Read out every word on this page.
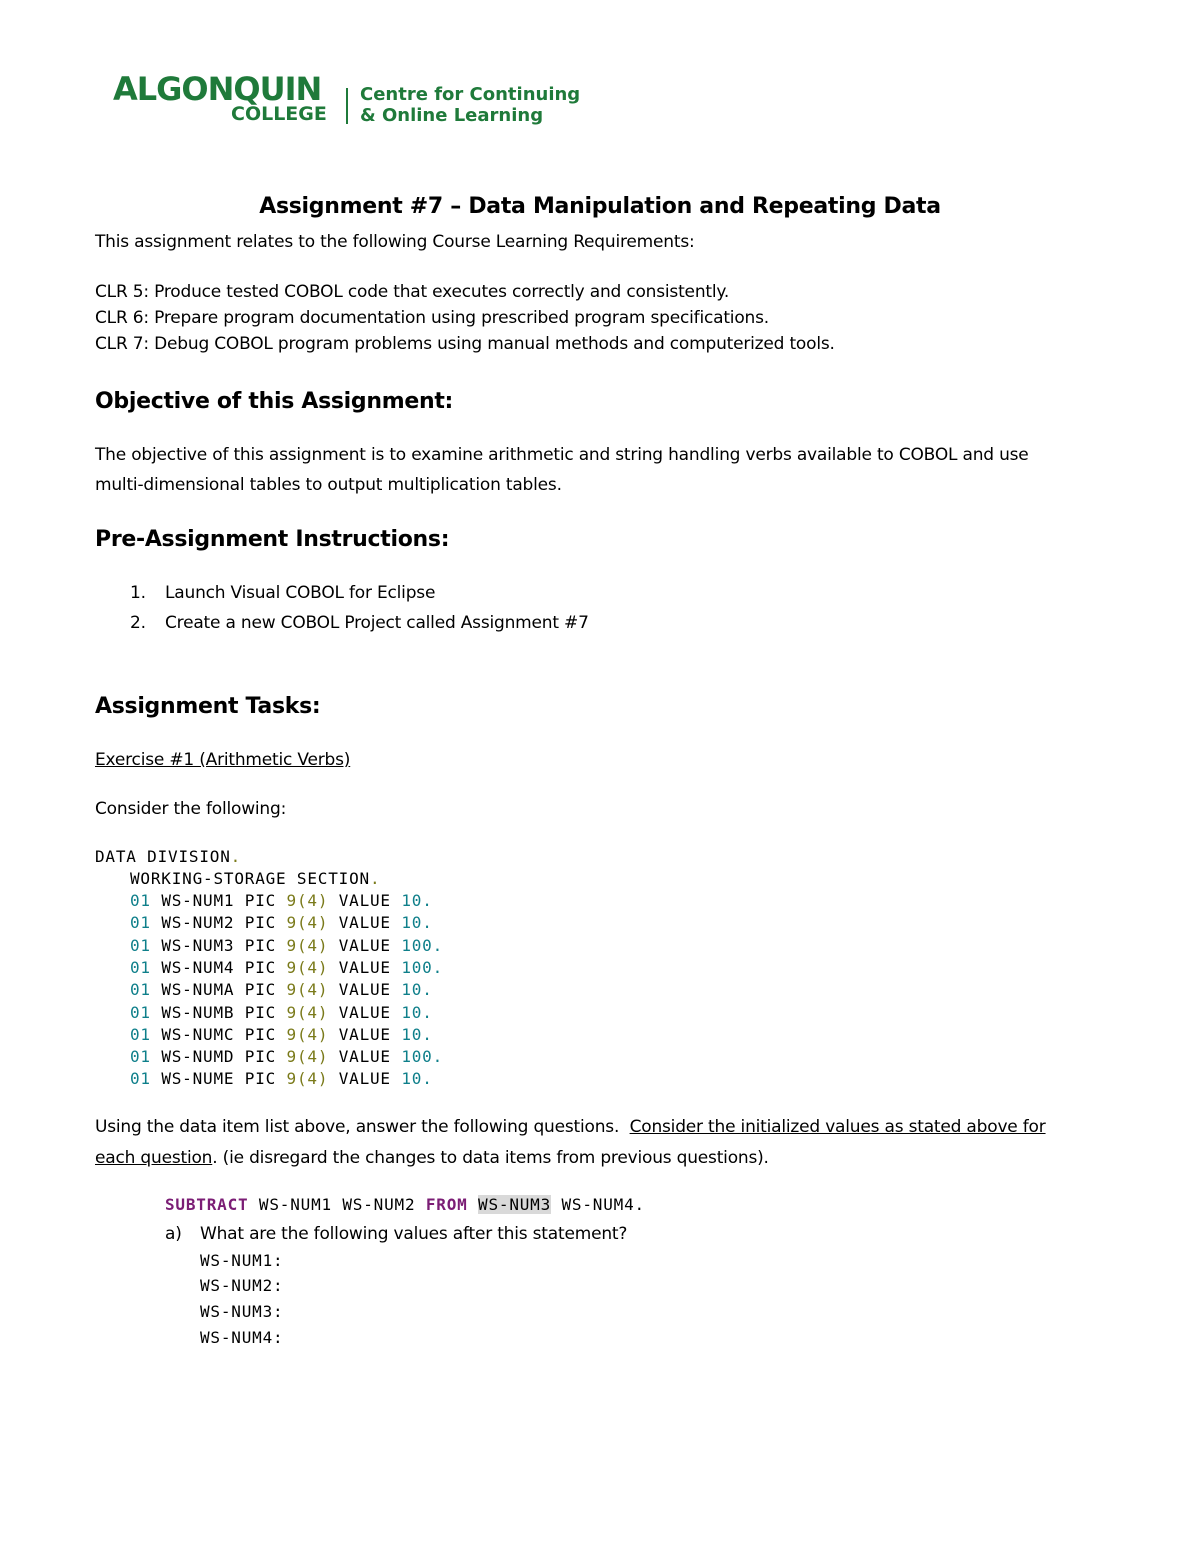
ALGONQUIN
COLLEGE
Centre for Continuing
& Online Learning
Assignment #7 – Data Manipulation and Repeating Data
This assignment relates to the following Course Learning Requirements:
CLR 5: Produce tested COBOL code that executes correctly and consistently.
CLR 6: Prepare program documentation using prescribed program specifications.
CLR 7: Debug COBOL program problems using manual methods and computerized tools.
Objective of this Assignment:
The objective of this assignment is to examine arithmetic and string handling verbs available to COBOL and use
multi-dimensional tables to output multiplication tables.
Pre-Assignment Instructions:
1. Launch Visual COBOL for Eclipse
2. Create a new COBOL Project called Assignment #7
Assignment Tasks:
Exercise #1 (Arithmetic Verbs)
Consider the following:
DATA DIVISION.
WORKING-STORAGE SECTION.
01 WS-NUM1 PIC 9(4) VALUE 10.
01 WS-NUM2 PIC 9(4) VALUE 10.
01 WS-NUM3 PIC 9(4) VALUE 100.
01 WS-NUM4 PIC 9(4) VALUE 100.
01 WS-NUMA PIC 9(4) VALUE 10.
01 WS-NUMB PIC 9(4) VALUE 10.
01 WS-NUMC PIC 9(4) VALUE 10.
01 WS-NUMD PIC 9(4) VALUE 100.
01 WS-NUME PIC 9(4) VALUE 10.
Using the data item list above, answer the following questions. Consider the initialized values as stated above for
each question. (ie disregard the changes to data items from previous questions).
SUBTRACT WS-NUM1 WS-NUM2 FROM WS-NUM3 WS-NUM4.
a) What are the following values after this statement?
WS-NUM1:
WS-NUM2:
WS-NUM3:
WS-NUM4:
